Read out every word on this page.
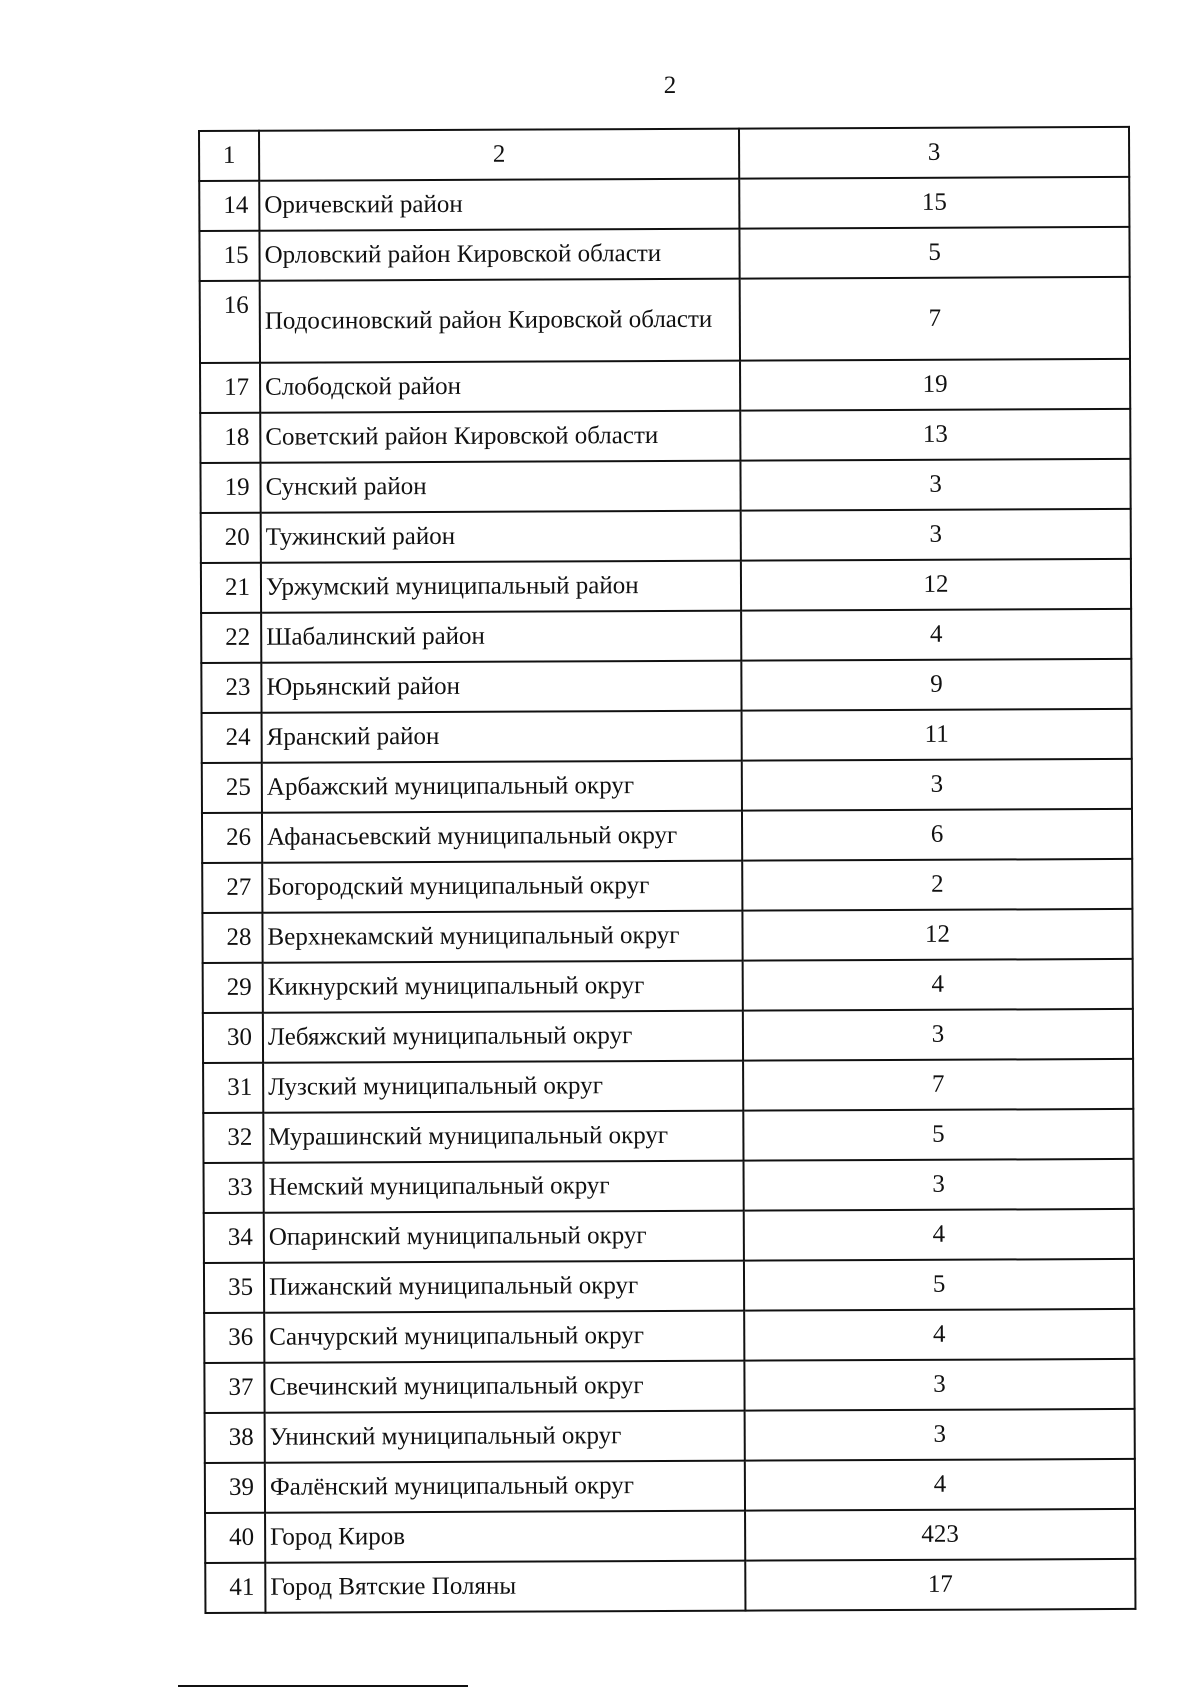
2
1	2	3
14	Оричевский район	15
15	Орловский район Кировской области	5
16	Подосиновский район Кировской области	7
17	Слободской район	19
18	Советский район Кировской области	13
19	Сунский район	3
20	Тужинский район	3
21	Уржумский муниципальный район	12
22	Шабалинский район	4
23	Юрьянский район	9
24	Яранский район	11
25	Арбажский муниципальный округ	3
26	Афанасьевский муниципальный округ	6
27	Богородский муниципальный округ	2
28	Верхнекамский муниципальный округ	12
29	Кикнурский муниципальный округ	4
30	Лебяжский муниципальный округ	3
31	Лузский муниципальный округ	7
32	Мурашинский муниципальный округ	5
33	Немский муниципальный округ	3
34	Опаринский муниципальный округ	4
35	Пижанский муниципальный округ	5
36	Санчурский муниципальный округ	4
37	Свечинский муниципальный округ	3
38	Унинский муниципальный округ	3
39	Фалёнский муниципальный округ	4
40	Город Киров	423
41	Город Вятские Поляны	17
